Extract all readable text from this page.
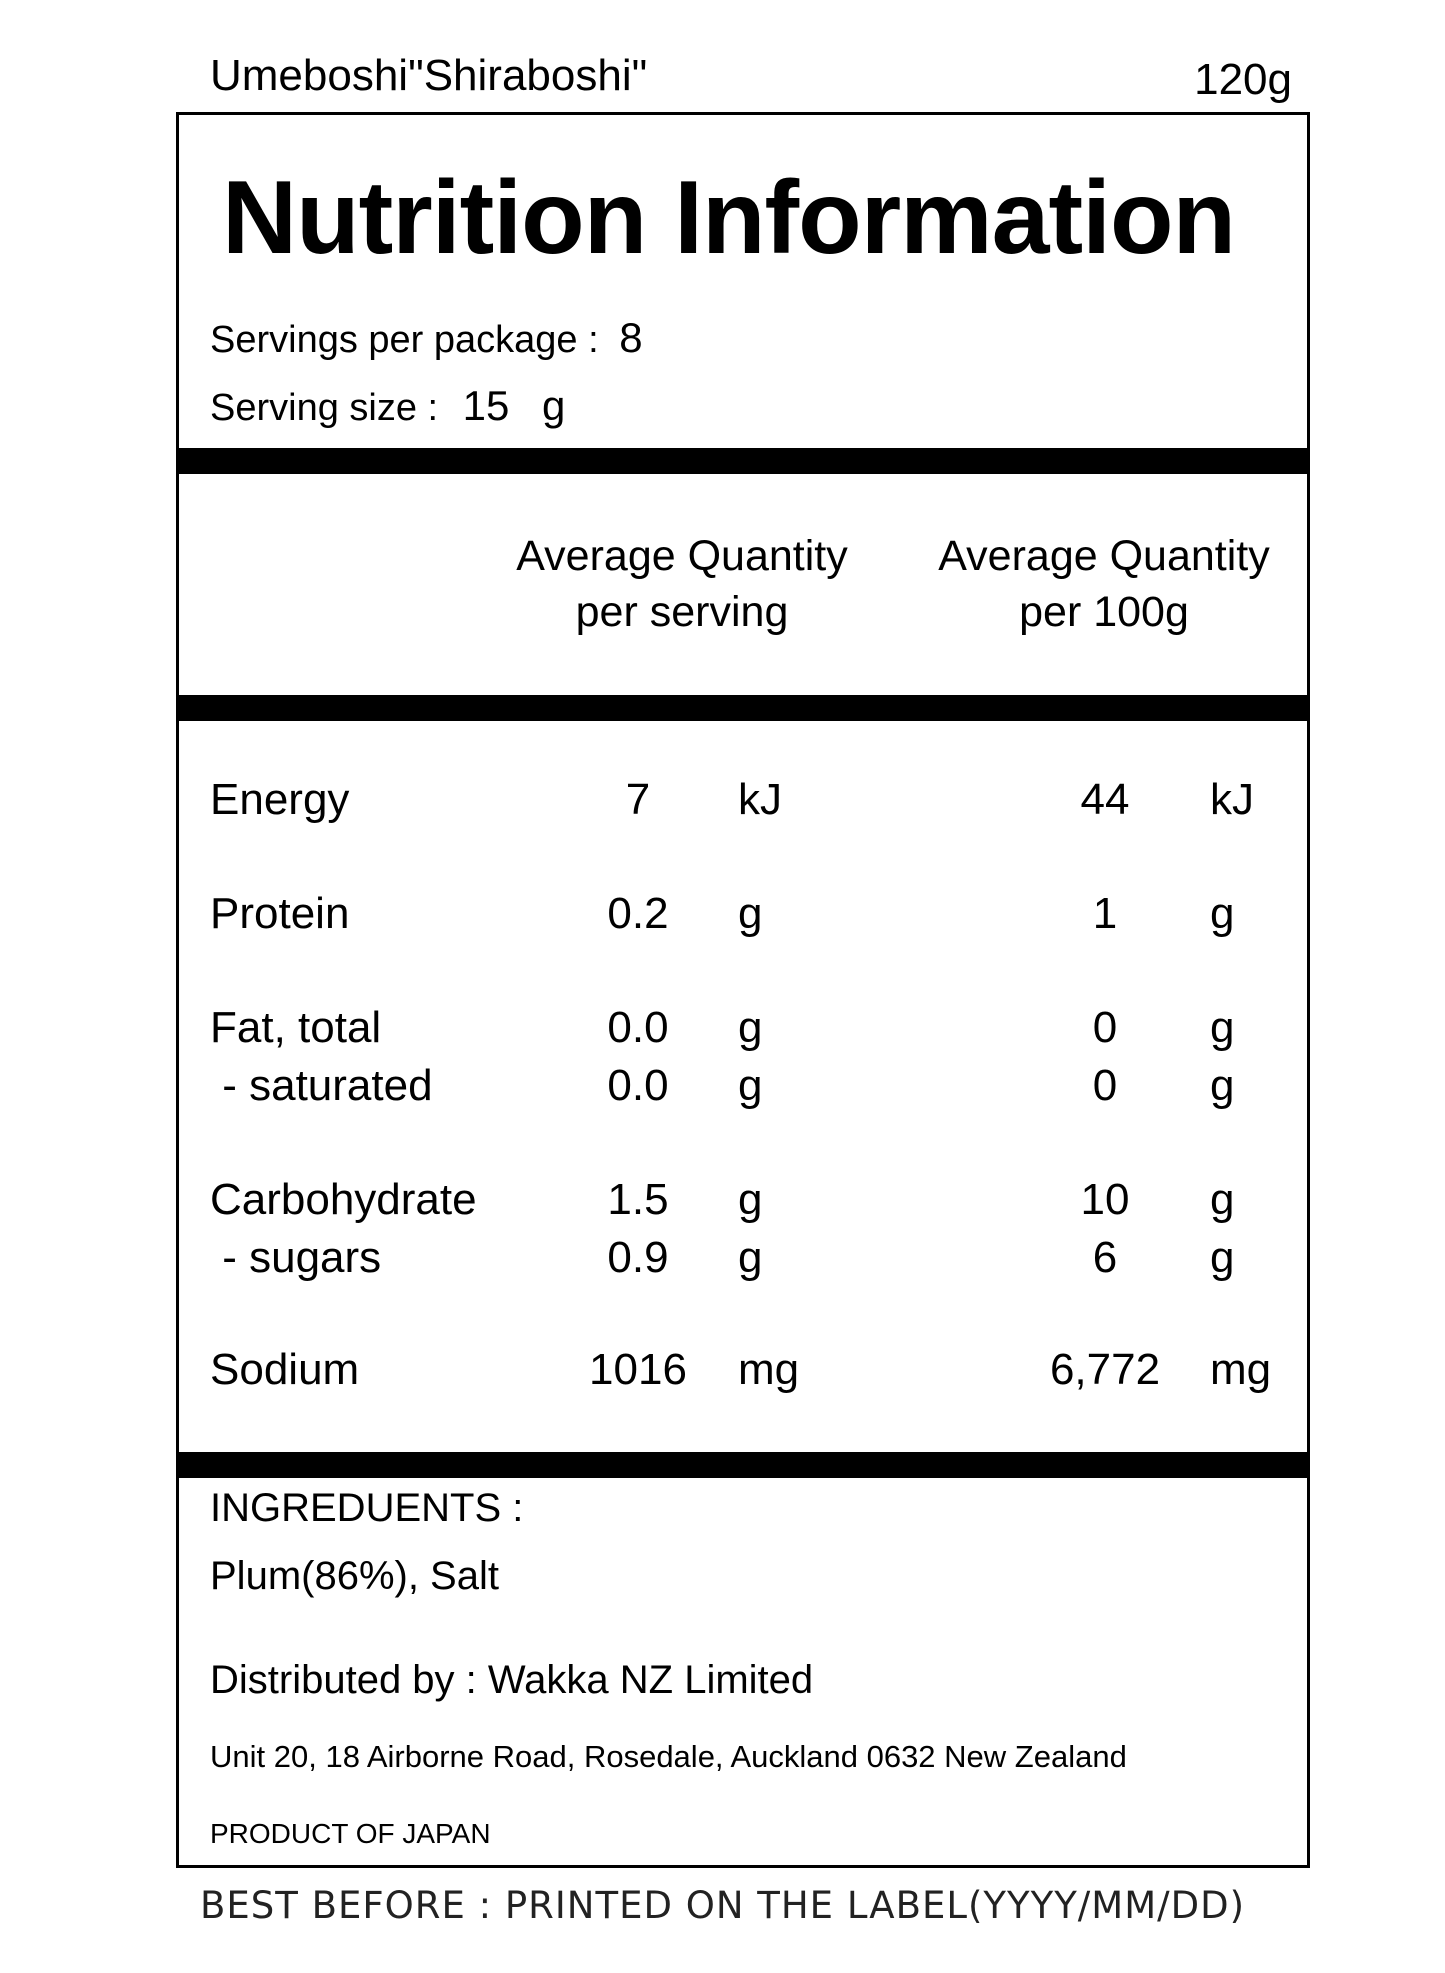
Umeboshi"Shiraboshi"	120g
Nutrition Information
Servings per package : 8
Serving size : 15 g
Average Quantity
per serving
Average Quantity
per 100g
Energy	7	kJ	44	kJ
Protein	0.2	g	1	g
Fat, total	0.0	g	0	g
- saturated	0.0	g	0	g
Carbohydrate	1.5	g	10	g
- sugars	0.9	g	6	g
Sodium	1016	mg	6,772	mg
INGREDUENTS :
Plum(86%), Salt
Distributed by : Wakka NZ Limited
Unit 20, 18 Airborne Road, Rosedale, Auckland 0632 New Zealand
PRODUCT OF JAPAN
BEST BEFORE : PRINTED ON THE LABEL(YYYY/MM/DD)
